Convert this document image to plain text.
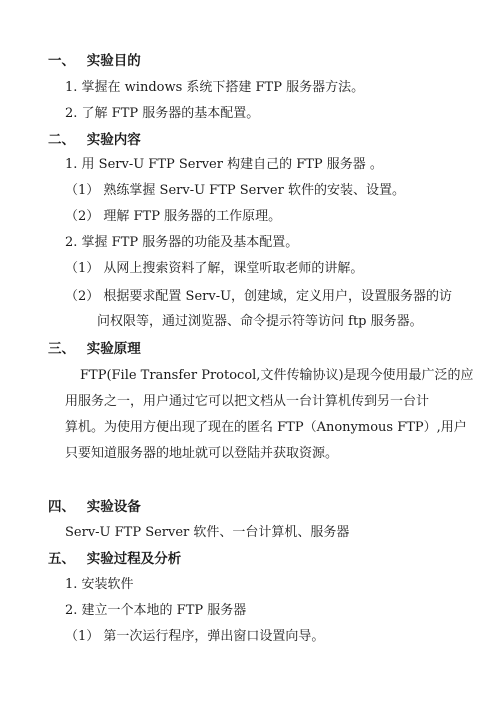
一、 实验目的
1. 掌握在 windows 系统下搭建 FTP 服务器方法。
2. 了解 FTP 服务器的基本配置。
二、 实验内容
1. 用 Serv-U FTP Server 构建自己的 FTP 服务器 。
（1） 熟练掌握 Serv-U FTP Server 软件的安装、设置。
（2） 理解 FTP 服务器的工作原理。
2. 掌握 FTP 服务器的功能及基本配置。
（1） 从网上搜索资料了解，课堂听取老师的讲解。
（2） 根据要求配置 Serv-U，创建域，定义用户，设置服务器的访
问权限等，通过浏览器、命令提示符等访问 ftp 服务器。
三、 实验原理
FTP(File Transfer Protocol,文件传输协议)是现今使用最广泛的应
用服务之一，用户通过它可以把文档从一台计算机传到另一台计
算机。为使用方便出现了现在的匿名 FTP（Anonymous FTP）,用户
只要知道服务器的地址就可以登陆并获取资源。
四、 实验设备
Serv-U FTP Server 软件、一台计算机、服务器
五、 实验过程及分析
1. 安装软件
2. 建立一个本地的 FTP 服务器
（1） 第一次运行程序，弹出窗口设置向导。
